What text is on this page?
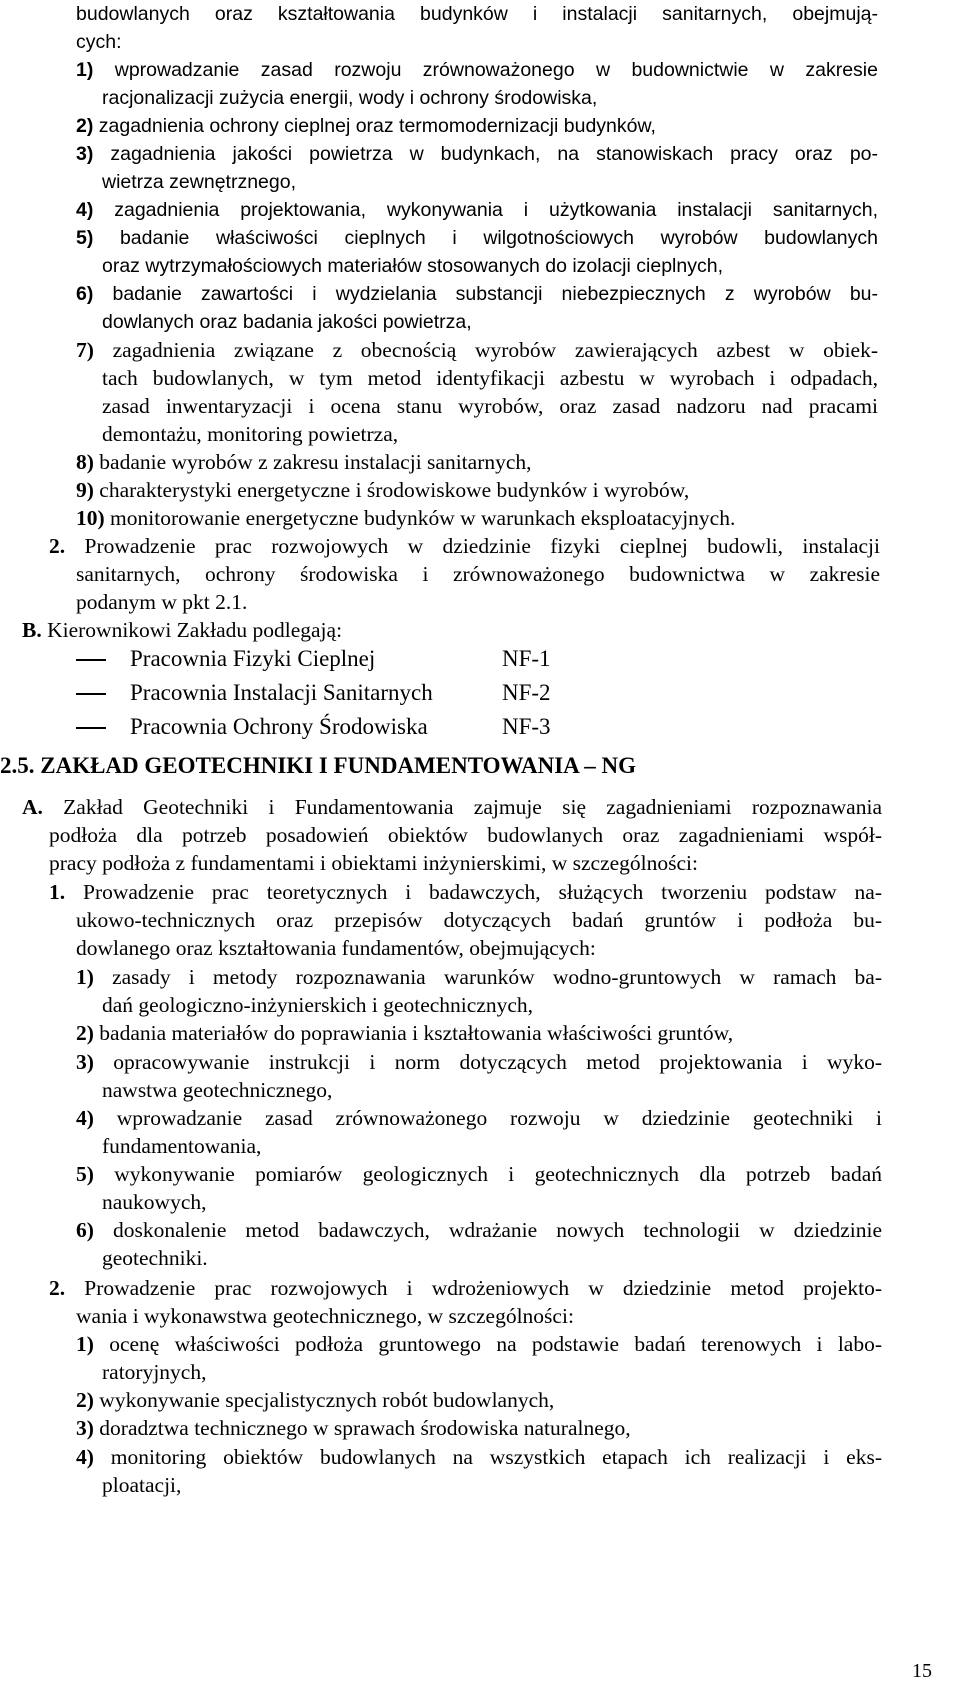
budowlanych oraz kształtowania budynków i instalacji sanitarnych, obejmują-
cych:
1) wprowadzanie zasad rozwoju zrównoważonego w budownictwie w zakresie
racjonalizacji zużycia energii, wody i ochrony środowiska,
2) zagadnienia ochrony cieplnej oraz termomodernizacji budynków,
3) zagadnienia jakości powietrza w budynkach, na stanowiskach pracy oraz po-
wietrza zewnętrznego,
4) zagadnienia projektowania, wykonywania i użytkowania instalacji sanitarnych,
5) badanie właściwości cieplnych i wilgotnościowych wyrobów budowlanych
oraz wytrzymałościowych materiałów stosowanych do izolacji cieplnych,
6) badanie zawartości i wydzielania substancji niebezpiecznych z wyrobów bu-
dowlanych oraz badania jakości powietrza,
7) zagadnienia związane z obecnością wyrobów zawierających azbest w obiek-
tach budowlanych, w tym metod identyfikacji azbestu w wyrobach i odpadach,
zasad inwentaryzacji i ocena stanu wyrobów, oraz zasad nadzoru nad pracami
demontażu, monitoring powietrza,
8) badanie wyrobów z zakresu instalacji sanitarnych,
9) charakterystyki energetyczne i środowiskowe budynków i wyrobów,
10) monitorowanie energetyczne budynków w warunkach eksploatacyjnych.
2. Prowadzenie prac rozwojowych w dziedzinie fizyki cieplnej budowli, instalacji
sanitarnych, ochrony środowiska i zrównoważonego budownictwa w zakresie
podanym w pkt 2.1.
B. Kierownikowi Zakładu podlegają:
Pracownia Fizyki Cieplnej	NF-1
Pracownia Instalacji Sanitarnych	NF-2
Pracownia Ochrony Środowiska	NF-3
2.5. ZAKŁAD GEOTECHNIKI I FUNDAMENTOWANIA – NG
A. Zakład Geotechniki i Fundamentowania zajmuje się zagadnieniami rozpoznawania
podłoża dla potrzeb posadowień obiektów budowlanych oraz zagadnieniami współ-
pracy podłoża z fundamentami i obiektami inżynierskimi, w szczególności:
1. Prowadzenie prac teoretycznych i badawczych, służących tworzeniu podstaw na-
ukowo-technicznych oraz przepisów dotyczących badań gruntów i podłoża bu-
dowlanego oraz kształtowania fundamentów, obejmujących:
1) zasady i metody rozpoznawania warunków wodno-gruntowych w ramach ba-
dań geologiczno-inżynierskich i geotechnicznych,
2) badania materiałów do poprawiania i kształtowania właściwości gruntów,
3) opracowywanie instrukcji i norm dotyczących metod projektowania i wyko-
nawstwa geotechnicznego,
4) wprowadzanie zasad zrównoważonego rozwoju w dziedzinie geotechniki i
fundamentowania,
5) wykonywanie pomiarów geologicznych i geotechnicznych dla potrzeb badań
naukowych,
6) doskonalenie metod badawczych, wdrażanie nowych technologii w dziedzinie
geotechniki.
2. Prowadzenie prac rozwojowych i wdrożeniowych w dziedzinie metod projekto-
wania i wykonawstwa geotechnicznego, w szczególności:
1) ocenę właściwości podłoża gruntowego na podstawie badań terenowych i labo-
ratoryjnych,
2) wykonywanie specjalistycznych robót budowlanych,
3) doradztwa technicznego w sprawach środowiska naturalnego,
4) monitoring obiektów budowlanych na wszystkich etapach ich realizacji i eks-
ploatacji,
15
